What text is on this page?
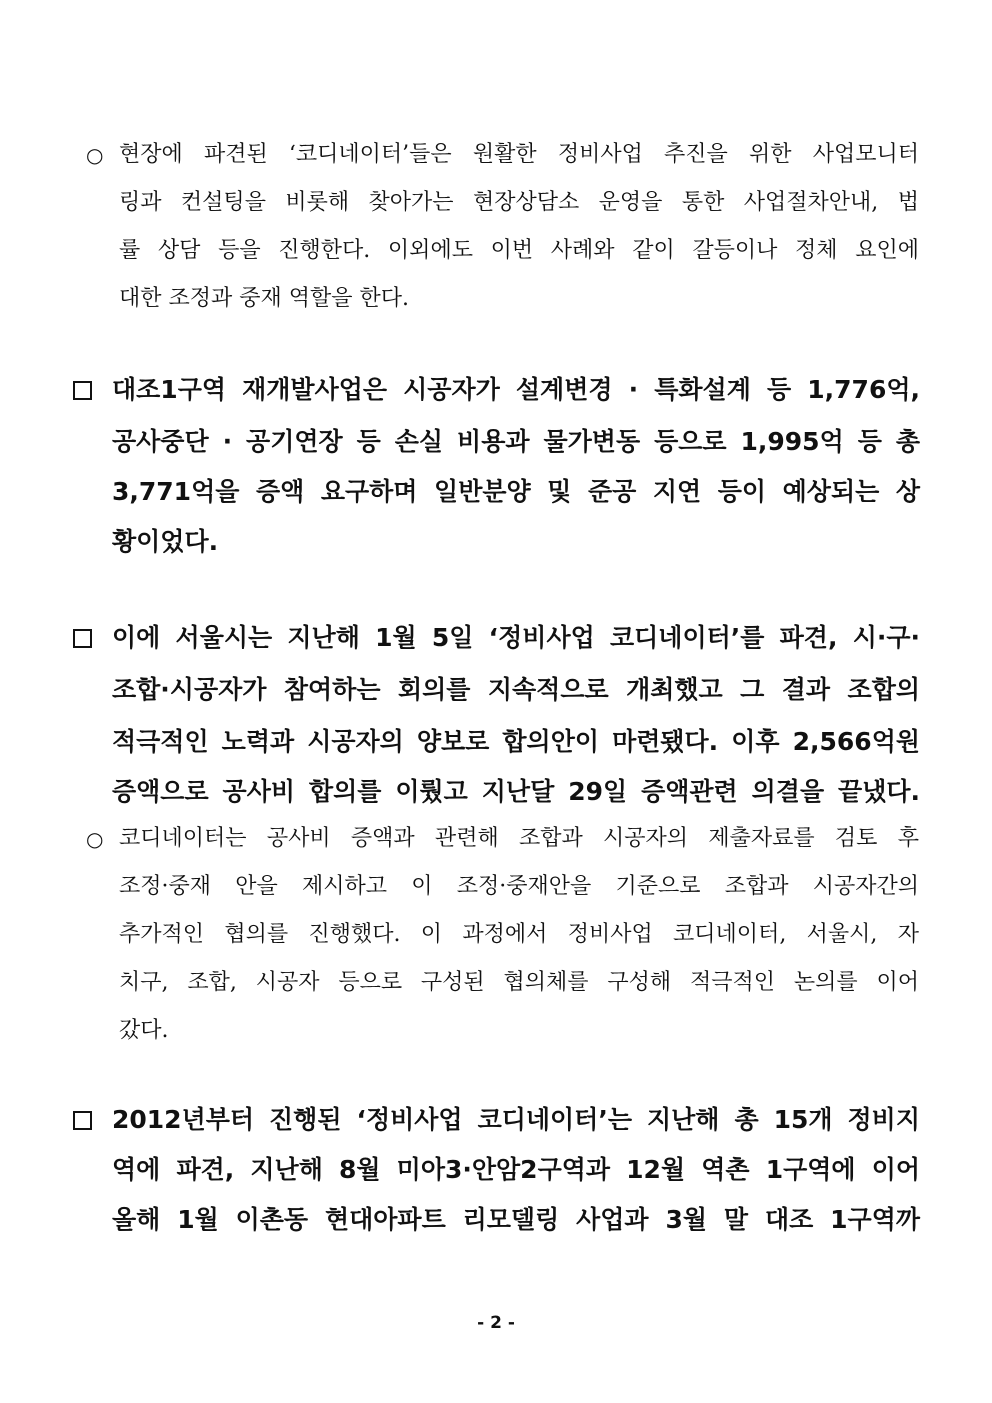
○ 현장에 파견된 ‘코디네이터’들은 원활한 정비사업 추진을 위한 사업모니터
링과 컨설팅을 비롯해 찾아가는 현장상담소 운영을 통한 사업절차안내, 법
률 상담 등을 진행한다. 이외에도 이번 사례와 같이 갈등이나 정체 요인에
대한 조정과 중재 역할을 한다.
대조1구역 재개발사업은 시공자가 설계변경 · 특화설계 등 1,776억,
공사중단 · 공기연장 등 손실 비용과 물가변동 등으로 1,995억 등 총
3,771억을 증액 요구하며 일반분양 및 준공 지연 등이 예상되는 상
황이었다.
이에 서울시는 지난해 1월 5일 ‘정비사업 코디네이터’를 파견, 시·구·
조합·시공자가 참여하는 회의를 지속적으로 개최했고 그 결과 조합의
적극적인 노력과 시공자의 양보로 합의안이 마련됐다. 이후 2,566억원
증액으로 공사비 합의를 이뤘고 지난달 29일 증액관련 의결을 끝냈다.
○ 코디네이터는 공사비 증액과 관련해 조합과 시공자의 제출자료를 검토 후
조정·중재 안을 제시하고 이 조정·중재안을 기준으로 조합과 시공자간의
추가적인 협의를 진행했다. 이 과정에서 정비사업 코디네이터, 서울시, 자
치구, 조합, 시공자 등으로 구성된 협의체를 구성해 적극적인 논의를 이어
갔다.
2012년부터 진행된 ‘정비사업 코디네이터’는 지난해 총 15개 정비지
역에 파견, 지난해 8월 미아3·안암2구역과 12월 역촌 1구역에 이어
올해 1월 이촌동 현대아파트 리모델링 사업과 3월 말 대조 1구역까
- 2 -
